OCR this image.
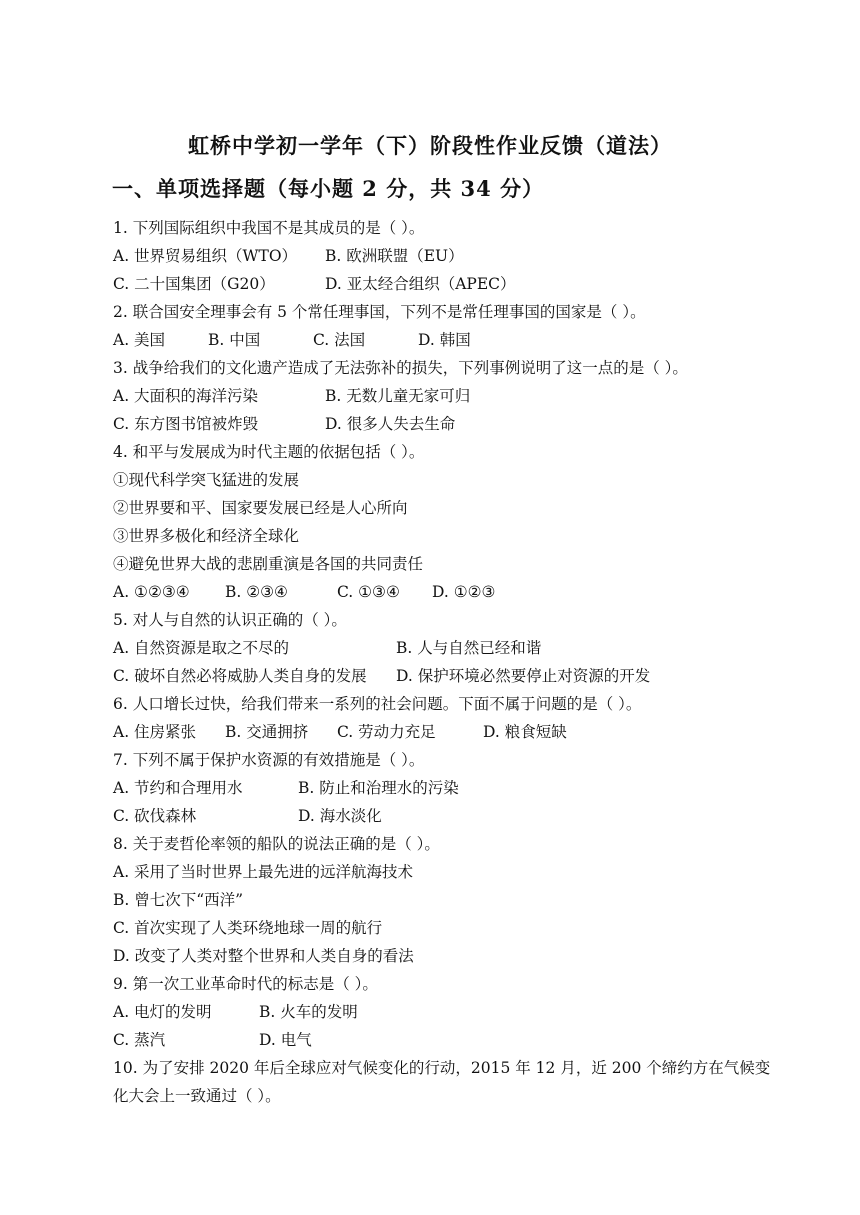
虹桥中学初一学年（下）阶段性作业反馈（道法）
一、单项选择题（每小题 2 分，共 34 分）
1. 下列国际组织中我国不是其成员的是（ ）。
A. 世界贸易组织（WTO） B. 欧洲联盟（EU）
C. 二十国集团（G20）	D. 亚太经合组织（APEC）
2. 联合国安全理事会有 5 个常任理事国，下列不是常任理事国的国家是（ ）。
A. 美国	B. 中国	C. 法国	D. 韩国
3. 战争给我们的文化遗产造成了无法弥补的损失，下列事例说明了这一点的是（ ）。
A. 大面积的海洋污染	B. 无数儿童无家可归
C. 东方图书馆被炸毁	D. 很多人失去生命
4. 和平与发展成为时代主题的依据包括（ ）。
①现代科学突飞猛进的发展
②世界要和平、国家要发展已经是人心所向
③世界多极化和经济全球化
④避免世界大战的悲剧重演是各国的共同责任
A. ①②③④ B. ②③④	C. ①③④ D. ①②③
5. 对人与自然的认识正确的（ ）。
A. 自然资源是取之不尽的	B. 人与自然已经和谐
C. 破坏自然必将威胁人类自身的发展 D. 保护环境必然要停止对资源的开发
6. 人口增长过快，给我们带来一系列的社会问题。下面不属于问题的是（ ）。
A. 住房紧张 B. 交通拥挤 C. 劳动力充足	D. 粮食短缺
7. 下列不属于保护水资源的有效措施是（ ）。
A. 节约和合理用水	B. 防止和治理水的污染
C. 砍伐森林	D. 海水淡化
8. 关于麦哲伦率领的船队的说法正确的是（ ）。
A. 采用了当时世界上最先进的远洋航海技术
B. 曾七次下“西洋”
C. 首次实现了人类环绕地球一周的航行
D. 改变了人类对整个世界和人类自身的看法
9. 第一次工业革命时代的标志是（ ）。
A. 电灯的发明	B. 火车的发明
C. 蒸汽	D. 电气
10. 为了安排 2020 年后全球应对气候变化的行动，2015 年 12 月，近 200 个缔约方在气候变化大会上一致通过（ ）。
